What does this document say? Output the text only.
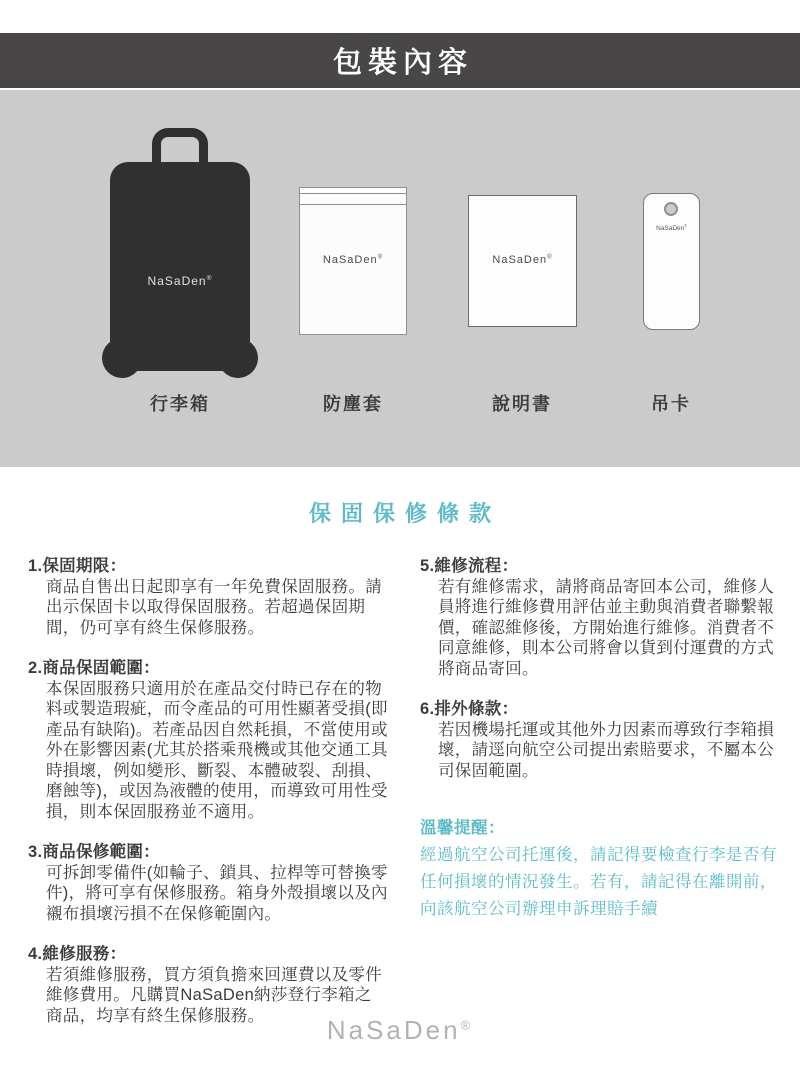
包裝內容
NaSaDen®
NaSaDen®	NaSaDen®
NaSaDen®
行李箱	防塵套	說明書	吊卡
保固保修條款
1.保固期限：
商品自售出日起即享有一年免費保固服務。請出示保固卡以取得保固服務。若超過保固期間，仍可享有終生保修服務。
2.商品保固範圍：
本保固服務只適用於在產品交付時已存在的物料或製造瑕疵，而令產品的可用性顯著受損(即產品有缺陷)。若產品因自然耗損，不當使用或外在影響因素(尤其於搭乘飛機或其他交通工具時損壞，例如變形、斷裂、本體破裂、刮損、磨蝕等)，或因為液體的使用，而導致可用性受損，則本保固服務並不適用。
3.商品保修範圍：
可拆卸零備件(如輪子、鎖具、拉桿等可替換零件)，將可享有保修服務。箱身外殼損壞以及內襯布損壞污損不在保修範圍內。
4.維修服務：
若須維修服務，買方須負擔來回運費以及零件維修費用。凡購買NaSaDen納莎登行李箱之商品，均享有終生保修服務。
5.維修流程：
若有維修需求，請將商品寄回本公司，維修人員將進行維修費用評估並主動與消費者聯繫報價，確認維修後，方開始進行維修。消費者不同意維修，則本公司將會以貨到付運費的方式將商品寄回。
6.排外條款：
若因機場托運或其他外力因素而導致行李箱損壞，請逕向航空公司提出索賠要求，不屬本公司保固範圍。
溫馨提醒：
經過航空公司托運後，請記得要檢查行李是否有任何損壞的情況發生。若有，請記得在離開前，向該航空公司辦理申訴理賠手續
NaSaDen®
